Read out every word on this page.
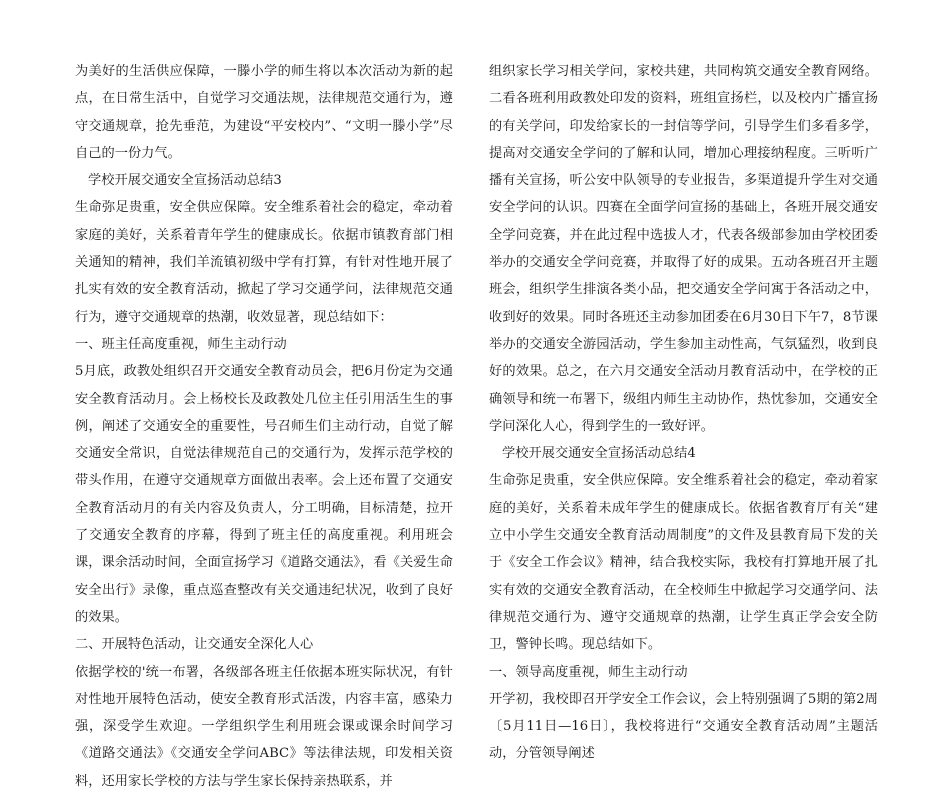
为美好的生活供应保障，一滕小学的师生将以本次活动为新的起点，在日常生活中，自觉学习交通法规，法律规范交通行为，遵守交通规章，抢先垂范，为建设“平安校内”、“文明一滕小学”尽自己的一份力气。

学校开展交通安全宣扬活动总结3

生命弥足贵重，安全供应保障。安全维系着社会的稳定，牵动着家庭的美好，关系着青年学生的健康成长。依据市镇教育部门相关通知的精神，我们羊流镇初级中学有打算，有针对性地开展了扎实有效的安全教育活动，掀起了学习交通学问，法律规范交通行为，遵守交通规章的热潮，收效显著，现总结如下：

一、班主任高度重视，师生主动行动

5月底，政教处组织召开交通安全教育动员会，把6月份定为交通安全教育活动月。会上杨校长及政教处几位主任引用活生生的事例，阐述了交通安全的重要性，号召师生们主动行动，自觉了解交通安全常识，自觉法律规范自己的交通行为，发挥示范学校的带头作用，在遵守交通规章方面做出表率。会上还布置了交通安全教育活动月的有关内容及负责人，分工明确，目标清楚，拉开了交通安全教育的序幕，得到了班主任的高度重视。利用班会课，课余活动时间，全面宣扬学习《道路交通法》，看《关爱生命安全出行》录像，重点巡查整改有关交通违纪状况，收到了良好的效果。

二、开展特色活动，让交通安全深化人心

依据学校的'统一布署，各级部各班主任依据本班实际状况，有针对性地开展特色活动，使安全教育形式活泼，内容丰富，感染力强，深受学生欢迎。一学组织学生利用班会课或课余时间学习《道路交通法》《交通安全学问ABC》等法律法规，印发相关资料，还用家长学校的方法与学生家长保持亲热联系，并

组织家长学习相关学问，家校共建，共同构筑交通安全教育网络。二看各班利用政教处印发的资料，班组宣扬栏，以及校内广播宣扬的有关学问，印发给家长的一封信等学问，引导学生们多看多学，提高对交通安全学问的了解和认同，增加心理接纳程度。三听听广播有关宣扬，听公安中队领导的专业报告，多渠道提升学生对交通安全学问的认识。四赛在全面学问宣扬的基础上，各班开展交通安全学问竞赛，并在此过程中选拔人才，代表各级部参加由学校团委举办的交通安全学问竞赛，并取得了好的成果。五动各班召开主题班会，组织学生排演各类小品，把交通安全学问寓于各活动之中，收到好的效果。同时各班还主动参加团委在6月30日下午7，8节课举办的交通安全游园活动，学生参加主动性高，气氛猛烈，收到良好的效果。总之，在六月交通安全活动月教育活动中，在学校的正确领导和统一布署下，级组内师生主动协作，热忱参加，交通安全学问深化人心，得到学生的一致好评。

学校开展交通安全宣扬活动总结4

生命弥足贵重，安全供应保障。安全维系着社会的稳定，牵动着家庭的美好，关系着未成年学生的健康成长。依据省教育厅有关“建立中小学生交通安全教育活动周制度”的文件及县教育局下发的关于《安全工作会议》精神，结合我校实际，我校有打算地开展了扎实有效的交通安全教育活动，在全校师生中掀起学习交通学问、法律规范交通行为、遵守交通规章的热潮，让学生真正学会安全防卫，警钟长鸣。现总结如下。

一、领导高度重视，师生主动行动

开学初，我校即召开学安全工作会议，会上特别强调了5期的第2周〔5月11日—16日〕，我校将进行“交通安全教育活动周”主题活动，分管领导阐述
